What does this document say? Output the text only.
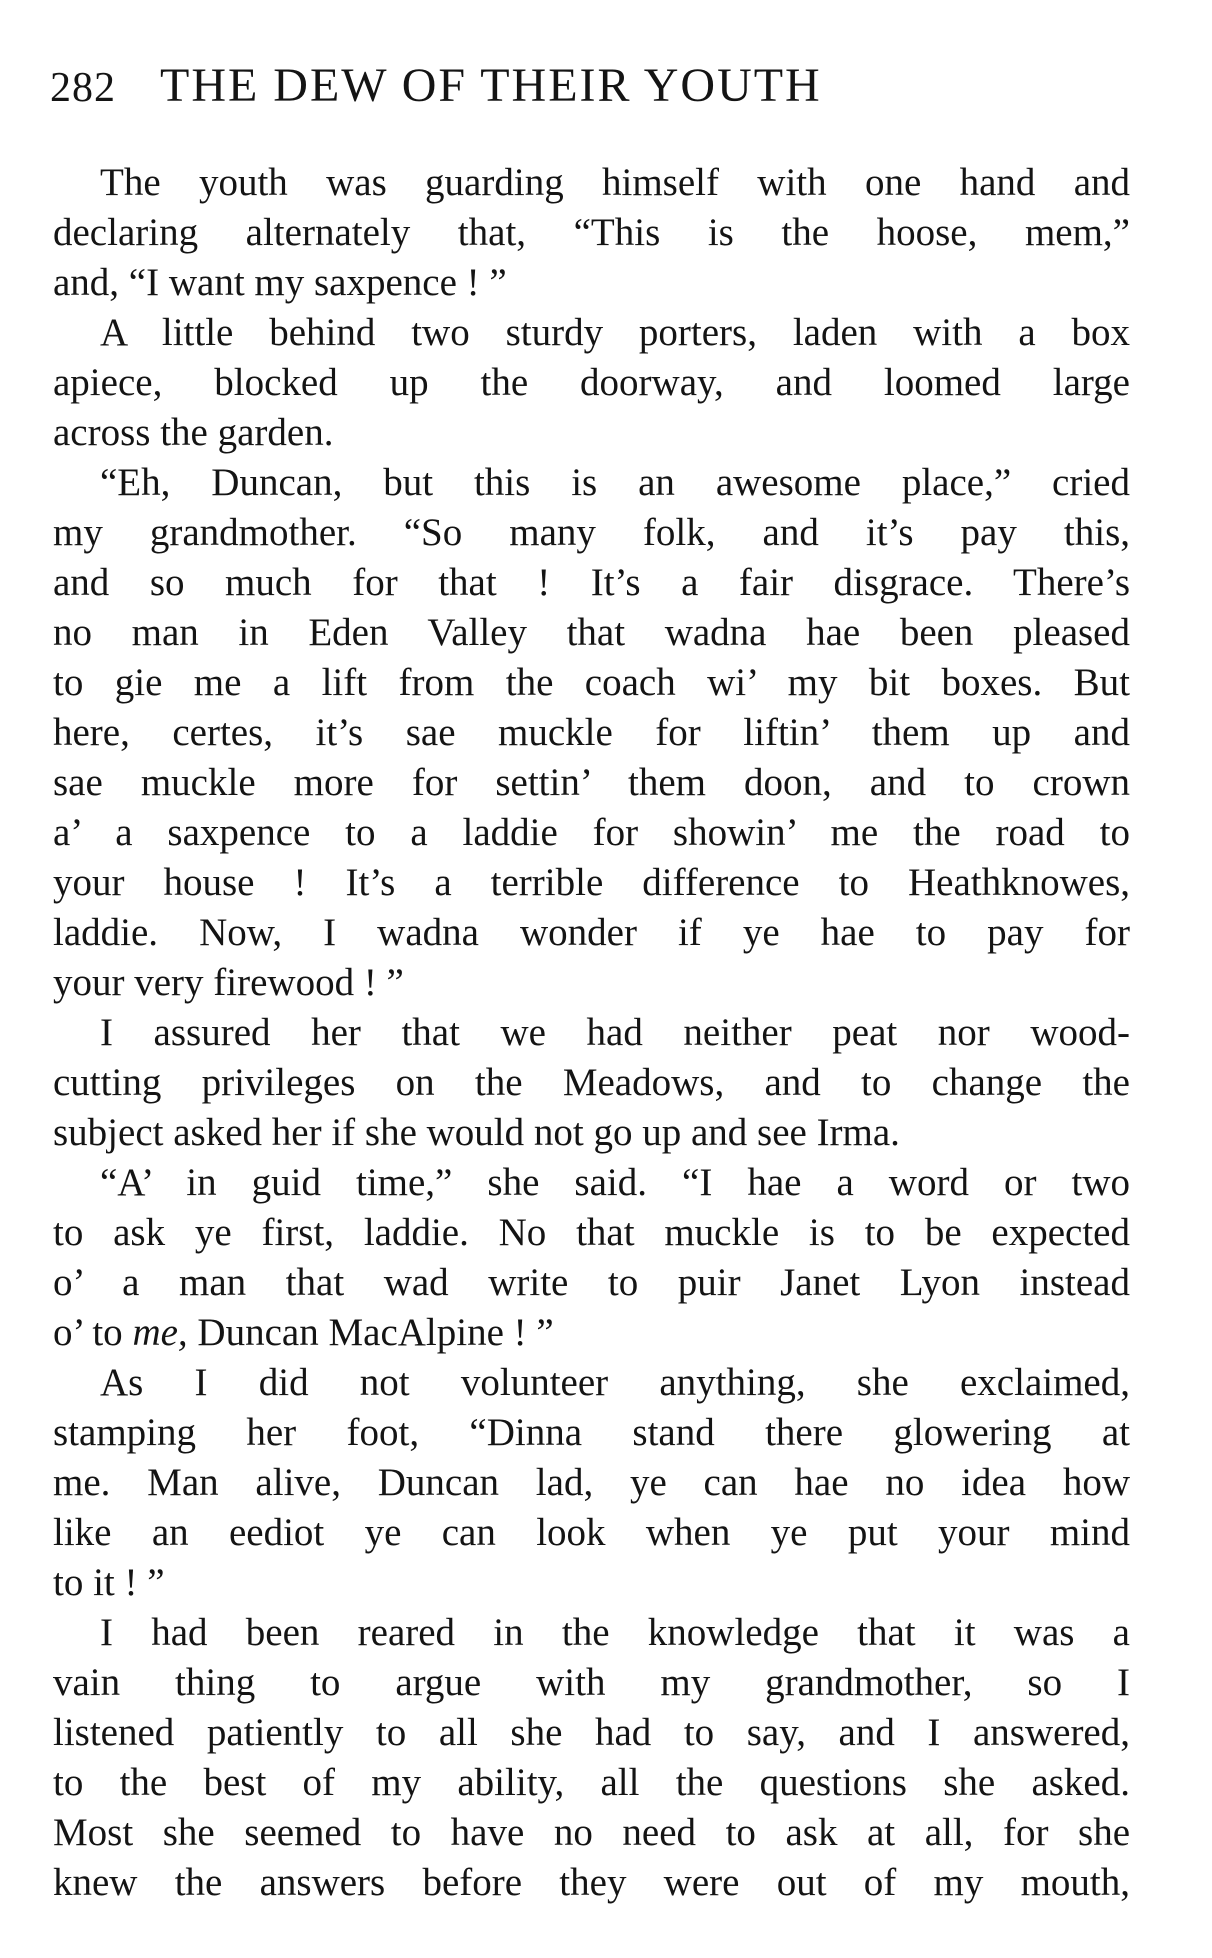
282 THE DEW OF THEIR YOUTH
The youth was guarding himself with one hand and
declaring alternately that, “This is the hoose, mem,”
and, “I want my saxpence ! ”
A little behind two sturdy porters, laden with a box
apiece, blocked up the doorway, and loomed large
across the garden.
“Eh, Duncan, but this is an awesome place,” cried
my grandmother. “So many folk, and it’s pay this,
and so much for that ! It’s a fair disgrace. There’s
no man in Eden Valley that wadna hae been pleased
to gie me a lift from the coach wi’ my bit boxes. But
here, certes, it’s sae muckle for liftin’ them up and
sae muckle more for settin’ them doon, and to crown
a’ a saxpence to a laddie for showin’ me the road to
your house ! It’s a terrible difference to Heathknowes,
laddie. Now, I wadna wonder if ye hae to pay for
your very firewood ! ”
I assured her that we had neither peat nor wood-
cutting privileges on the Meadows, and to change the
subject asked her if she would not go up and see Irma.
“A’ in guid time,” she said. “I hae a word or two
to ask ye first, laddie. No that muckle is to be expected
o’ a man that wad write to puir Janet Lyon instead
o’ to me, Duncan MacAlpine ! ”
As I did not volunteer anything, she exclaimed,
stamping her foot, “Dinna stand there glowering at
me. Man alive, Duncan lad, ye can hae no idea how
like an eediot ye can look when ye put your mind
to it ! ”
I had been reared in the knowledge that it was a
vain thing to argue with my grandmother, so I
listened patiently to all she had to say, and I answered,
to the best of my ability, all the questions she asked.
Most she seemed to have no need to ask at all, for she
knew the answers before they were out of my mouth,
